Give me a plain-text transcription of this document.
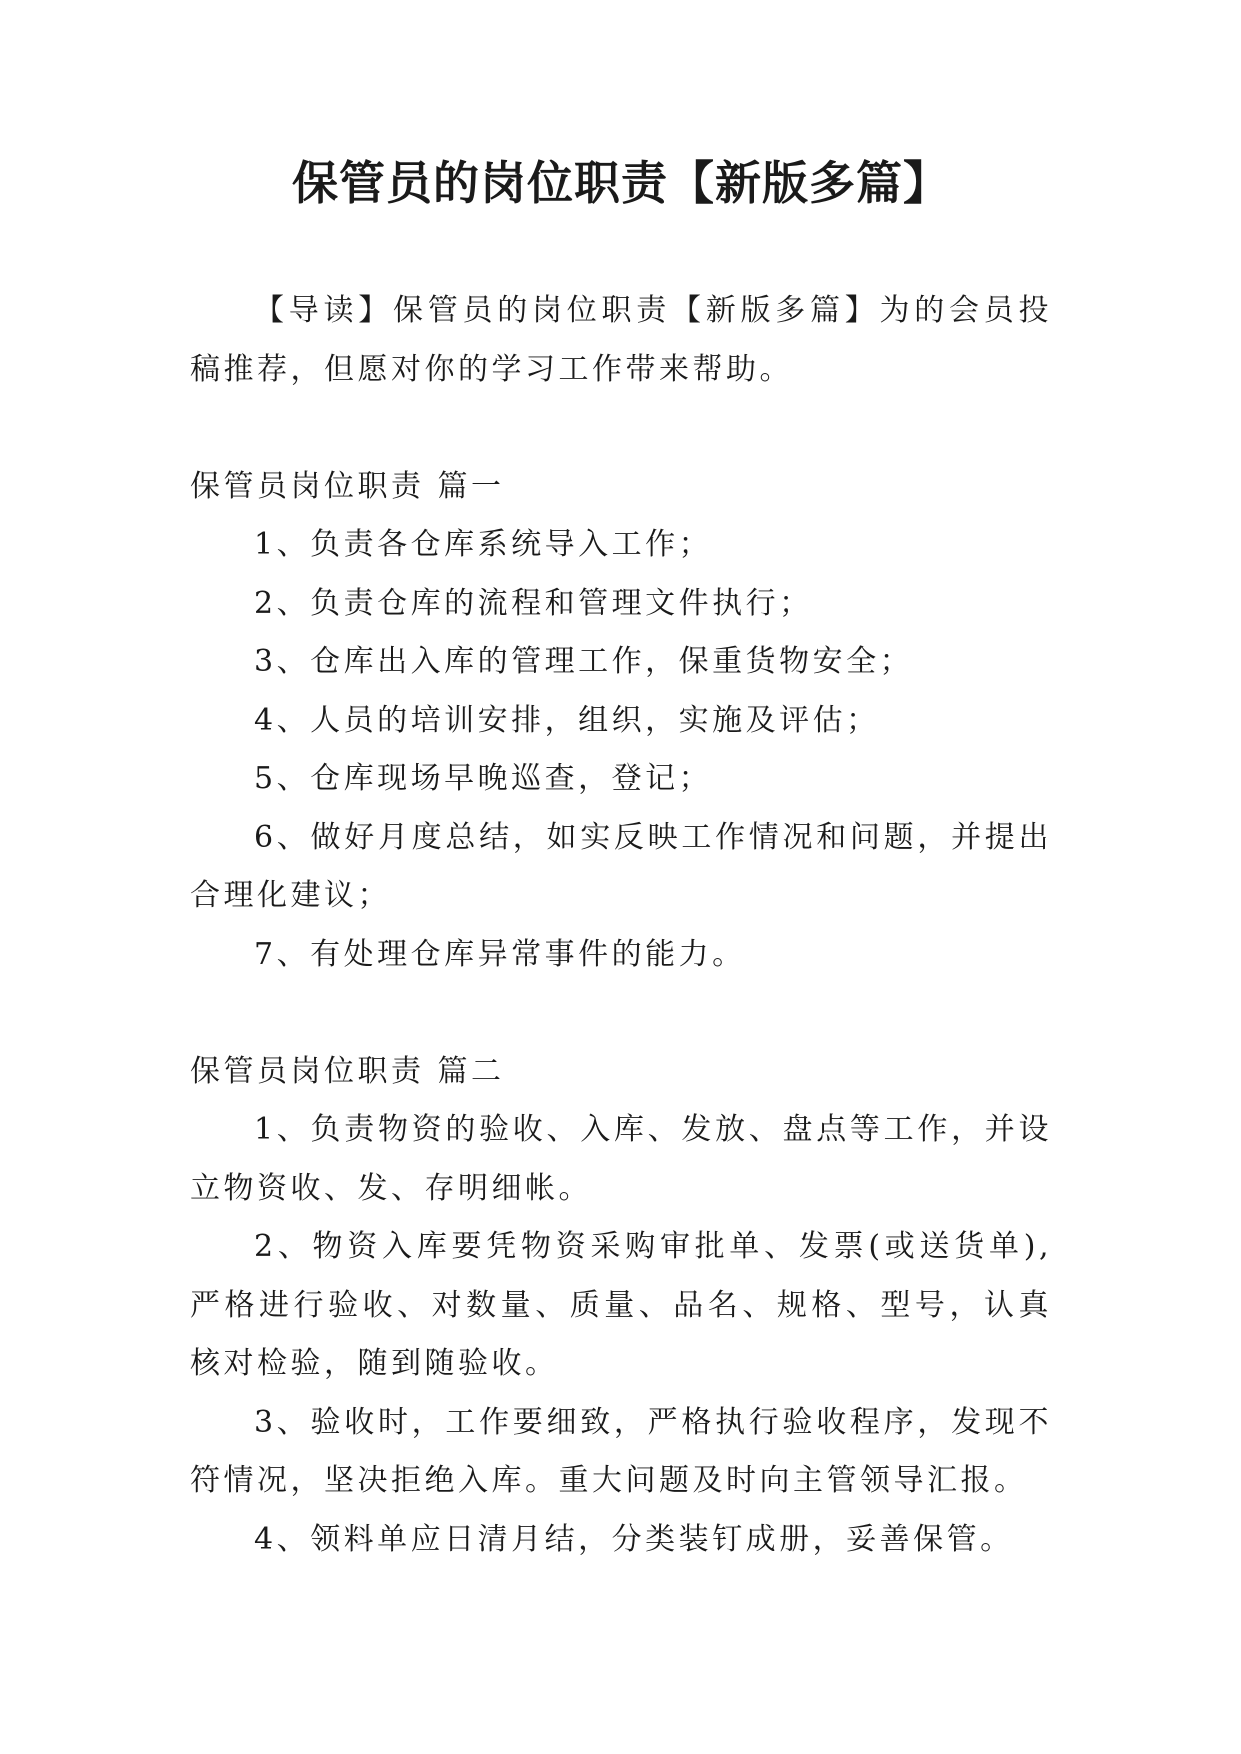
保管员的岗位职责【新版多篇】

【导读】保管员的岗位职责【新版多篇】为的会员投稿推荐，但愿对你的学习工作带来帮助。

保管员岗位职责 篇一

1、负责各仓库系统导入工作；

2、负责仓库的流程和管理文件执行；

3、仓库出入库的管理工作，保重货物安全；

4、人员的培训安排，组织，实施及评估；

5、仓库现场早晚巡查，登记；

6、做好月度总结，如实反映工作情况和问题，并提出合理化建议；

7、有处理仓库异常事件的能力。

保管员岗位职责 篇二

1、负责物资的验收、入库、发放、盘点等工作，并设立物资收、发、存明细帐。

2、物资入库要凭物资采购审批单、发票(或送货单),严格进行验收、对数量、质量、品名、规格、型号，认真核对检验，随到随验收。

3、验收时，工作要细致，严格执行验收程序，发现不符情况，坚决拒绝入库。重大问题及时向主管领导汇报。

4、领料单应日清月结，分类装钉成册，妥善保管。
